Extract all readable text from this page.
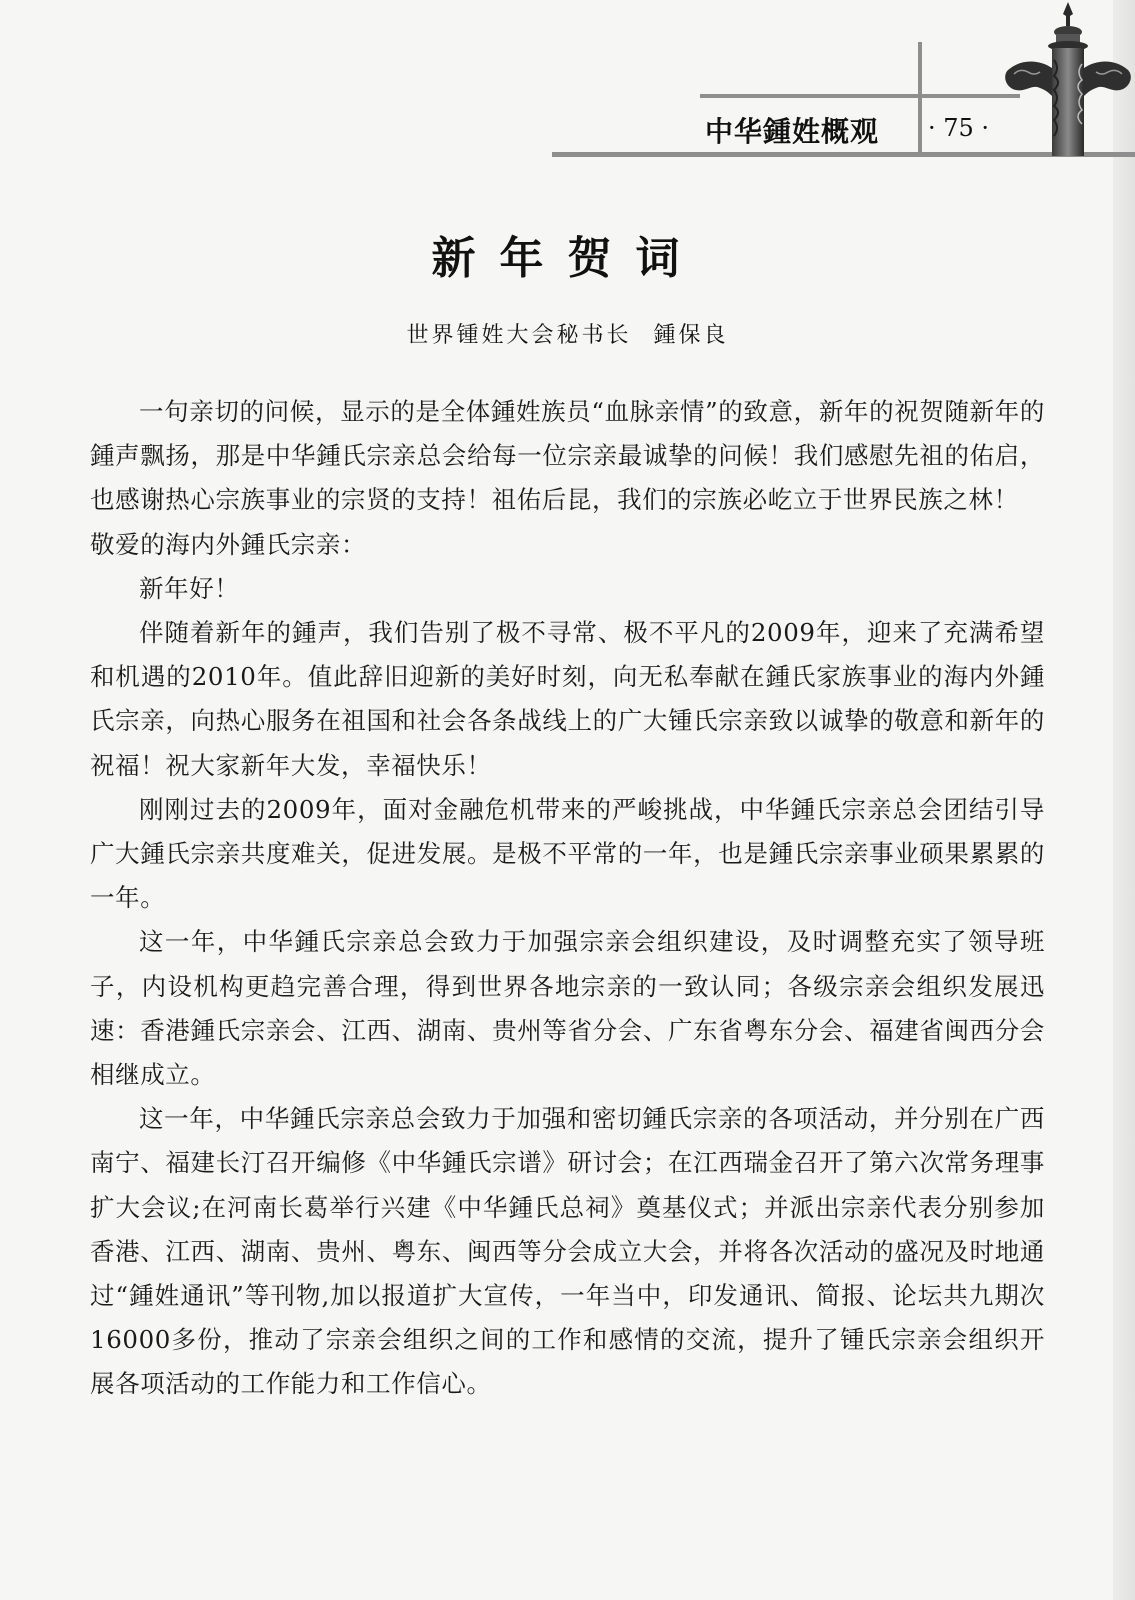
中华鍾姓概观 · 75 ·
新年贺词
世界锺姓大会秘书长 鍾保良

一句亲切的问候，显示的是全体鍾姓族员“血脉亲情”的致意，新年的祝贺随新年的鍾声飘扬，那是中华鍾氏宗亲总会给每一位宗亲最诚挚的问候！我们感慰先祖的佑启，也感谢热心宗族事业的宗贤的支持！祖佑后昆，我们的宗族必屹立于世界民族之林！

敬爱的海内外鍾氏宗亲：

新年好！

伴随着新年的鍾声，我们告别了极不寻常、极不平凡的2009年，迎来了充满希望和机遇的2010年。值此辞旧迎新的美好时刻，向无私奉献在鍾氏家族事业的海内外鍾氏宗亲，向热心服务在祖国和社会各条战线上的广大锺氏宗亲致以诚挚的敬意和新年的祝福！祝大家新年大发，幸福快乐！

刚刚过去的2009年，面对金融危机带来的严峻挑战，中华鍾氏宗亲总会团结引导广大鍾氏宗亲共度难关，促进发展。是极不平常的一年，也是鍾氏宗亲事业硕果累累的一年。

这一年，中华鍾氏宗亲总会致力于加强宗亲会组织建设，及时调整充实了领导班子，内设机构更趋完善合理，得到世界各地宗亲的一致认同；各级宗亲会组织发展迅速：香港鍾氏宗亲会、江西、湖南、贵州等省分会、广东省粤东分会、福建省闽西分会相继成立。

这一年，中华鍾氏宗亲总会致力于加强和密切鍾氏宗亲的各项活动，并分别在广西南宁、福建长汀召开编修《中华鍾氏宗谱》研讨会；在江西瑞金召开了第六次常务理事扩大会议;在河南长葛举行兴建《中华鍾氏总祠》奠基仪式；并派出宗亲代表分别参加香港、江西、湖南、贵州、粤东、闽西等分会成立大会，并将各次活动的盛况及时地通过“鍾姓通讯”等刊物,加以报道扩大宣传，一年当中，印发通讯、简报、论坛共九期次16000多份，推动了宗亲会组织之间的工作和感情的交流，提升了锺氏宗亲会组织开展各项活动的工作能力和工作信心。
